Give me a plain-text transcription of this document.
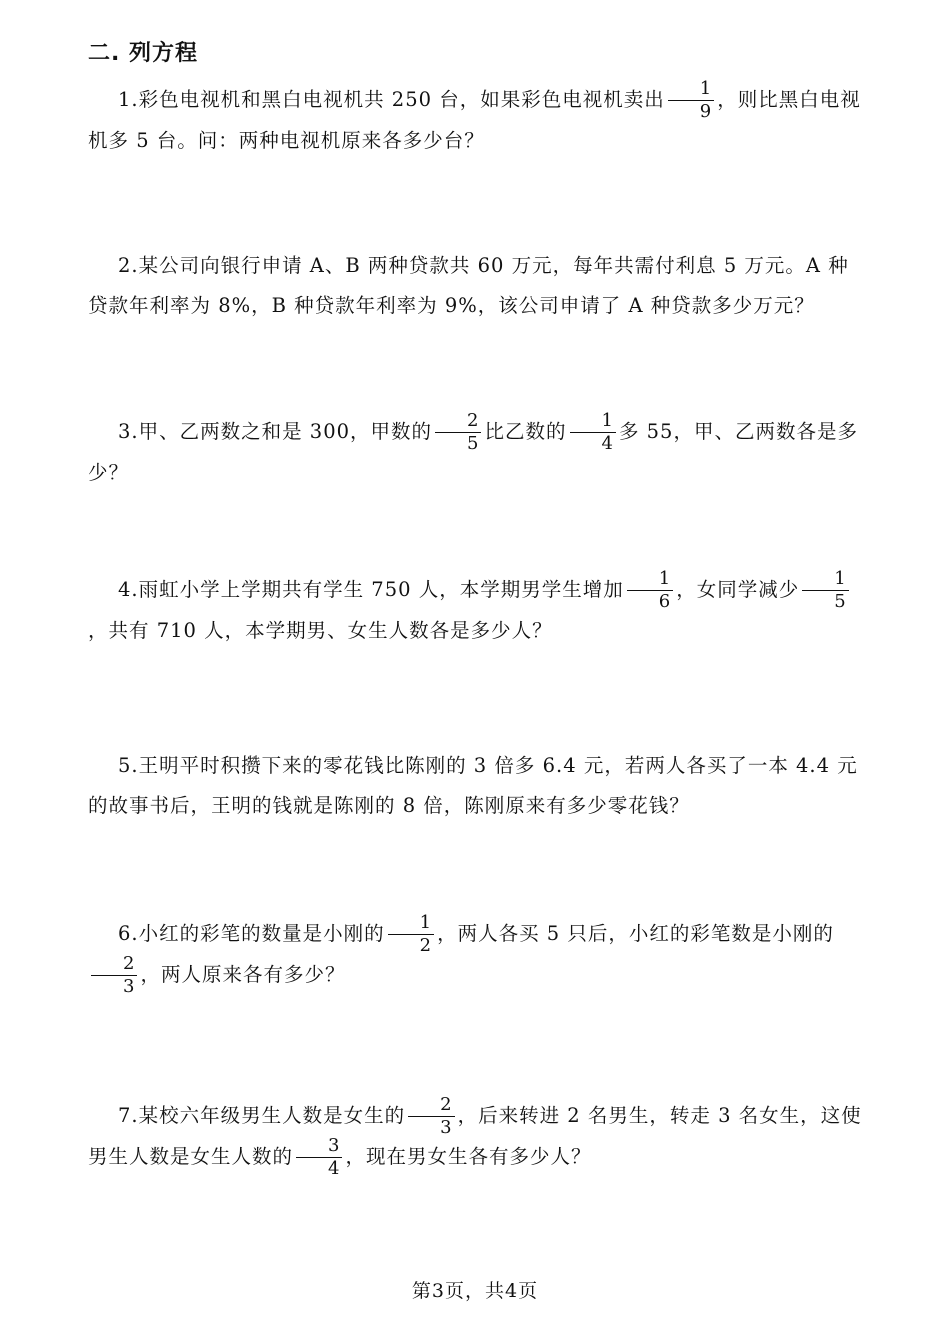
二. 列方程
1.彩色电视机和黑白电视机共 250 台，如果彩色电视机卖出 $\frac{1}{9}$ ，则比黑白电视机多 5 台。问：两种电视机原来各多少台？
2.某公司向银行申请 A、B 两种贷款共 60 万元，每年共需付利息 5 万元。A 种贷款年利率为 8%，B 种贷款年利率为 9%，该公司申请了 A 种贷款多少万元？
3.甲、乙两数之和是 300，甲数的 $\frac{2}{5}$ 比乙数的 $\frac{1}{4}$ 多 55，甲、乙两数各是多少？
4.雨虹小学上学期共有学生 750 人，本学期男学生增加 $\frac{1}{6}$ ，女同学减少 $\frac{1}{5}$
，共有 710 人，本学期男、女生人数各是多少人？
5.王明平时积攒下来的零花钱比陈刚的 3 倍多 6.4 元，若两人各买了一本 4.4 元的故事书后，王明的钱就是陈刚的 8 倍，陈刚原来有多少零花钱？
6.小红的彩笔的数量是小刚的 $\frac{1}{2}$ ，两人各买 5 只后，小红的彩笔数是小刚的
$\frac{2}{3}$ ，两人原来各有多少？
7.某校六年级男生人数是女生的 $\frac{2}{3}$ ，后来转进 2 名男生，转走 3 名女生，这使男生人数是女生人数的 $\frac{3}{4}$ ，现在男女生各有多少人？
第3页，共4页
